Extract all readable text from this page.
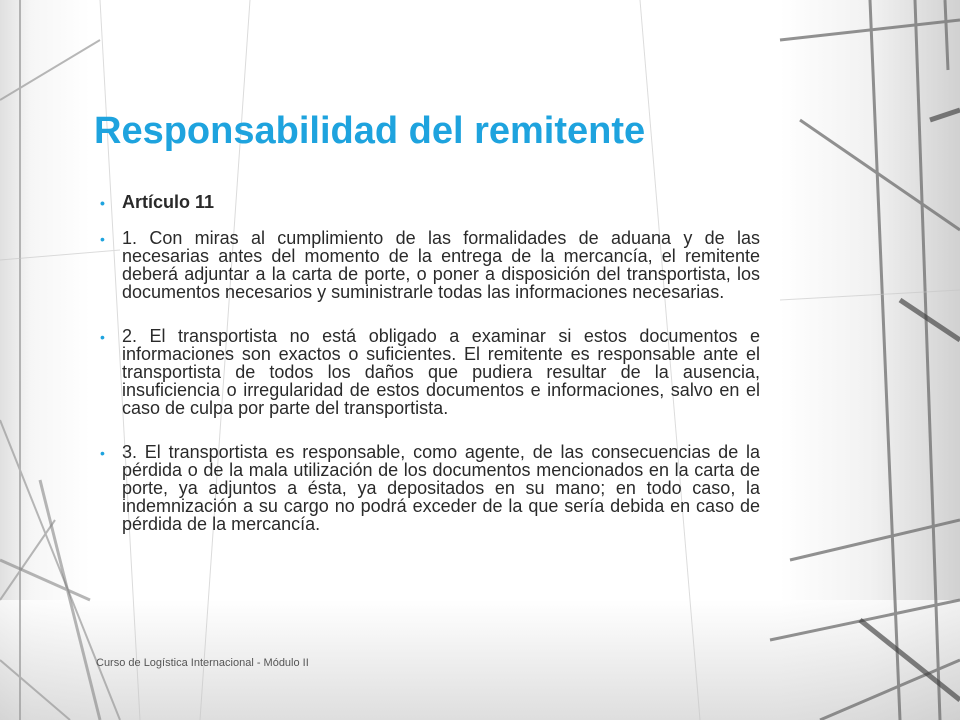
Responsabilidad del remitente
• Artículo 11
• 1. Con miras al cumplimiento de las formalidades de aduana y de las necesarias antes del momento de la entrega de la mercancía, el remitente deberá adjuntar a la carta de porte, o poner a disposición del transportista, los documentos necesarios y suministrarle todas las informaciones necesarias.
• 2. El transportista no está obligado a examinar si estos documentos e informaciones son exactos o suficientes. El remitente es responsable ante el transportista de todos los daños que pudiera resultar de la ausencia, insuficiencia o irregularidad de estos documentos e informaciones, salvo en el caso de culpa por parte del transportista.
• 3. El transportista es responsable, como agente, de las consecuencias de la pérdida o de la mala utilización de los documentos mencionados en la carta de porte, ya adjuntos a ésta, ya depositados en su mano; en todo caso, la indemnización a su cargo no podrá exceder de la que sería debida en caso de pérdida de la mercancía.
Curso de Logística Internacional - Módulo II
